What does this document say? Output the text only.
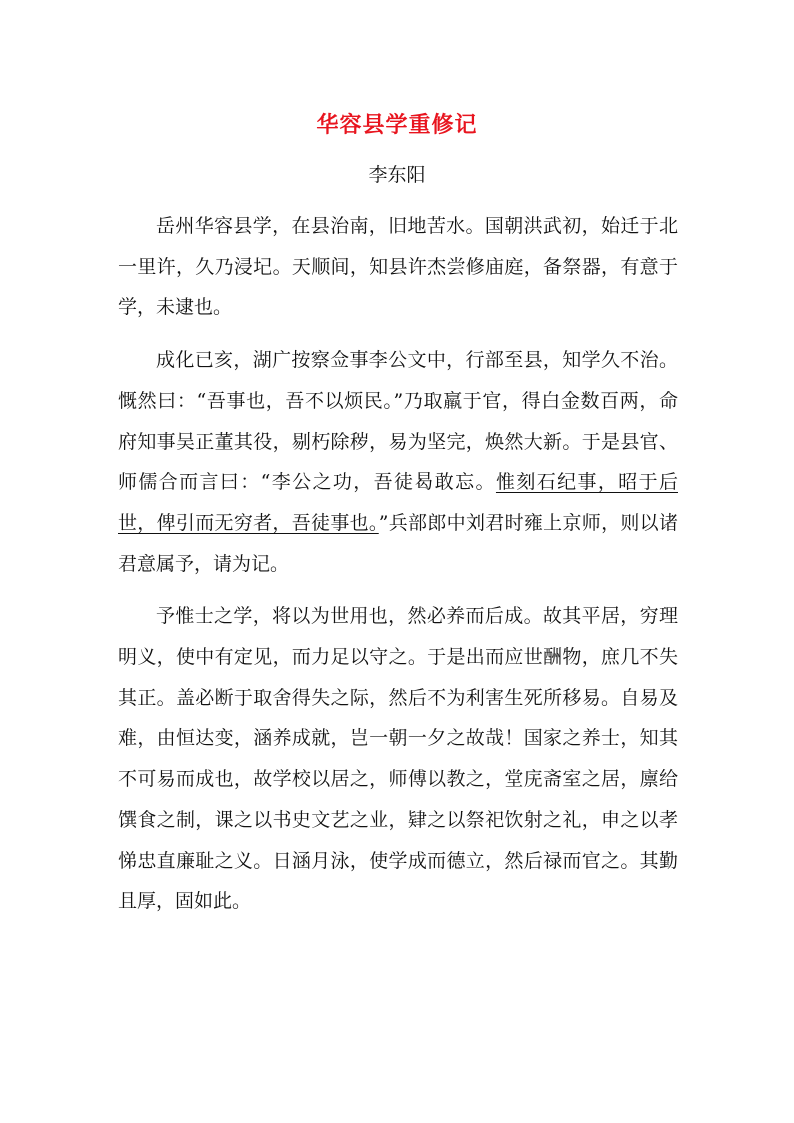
华容县学重修记
李东阳

岳州华容县学，在县治南，旧地苦水。国朝洪武初，始迁于北一里许，久乃浸圮。天顺间，知县许杰尝修庙庭，备祭器，有意于学，未逮也。

成化已亥，湖广按察佥事李公文中，行部至县，知学久不治。慨然曰：“吾事也，吾不以烦民。”乃取羸于官，得白金数百两，命府知事吴正董其役，剔朽除秽，易为坚完，焕然大新。于是县官、师儒合而言曰：“李公之功，吾徒曷敢忘。惟刻石纪事，昭于后世，俾引而无穷者，吾徒事也。”兵部郎中刘君时雍上京师，则以诸君意属予，请为记。

予惟士之学，将以为世用也，然必养而后成。故其平居，穷理明义，使中有定见，而力足以守之。于是出而应世酬物，庶几不失其正。盖必断于取舍得失之际，然后不为利害生死所移易。自易及难，由恒达变，涵养成就，岂一朝一夕之故哉！国家之养士，知其不可易而成也，故学校以居之，师傅以教之，堂庑斋室之居，廪给馔食之制，课之以书史文艺之业，肄之以祭祀饮射之礼，申之以孝悌忠直廉耻之义。日涵月泳，使学成而德立，然后禄而官之。其勤且厚，固如此。
